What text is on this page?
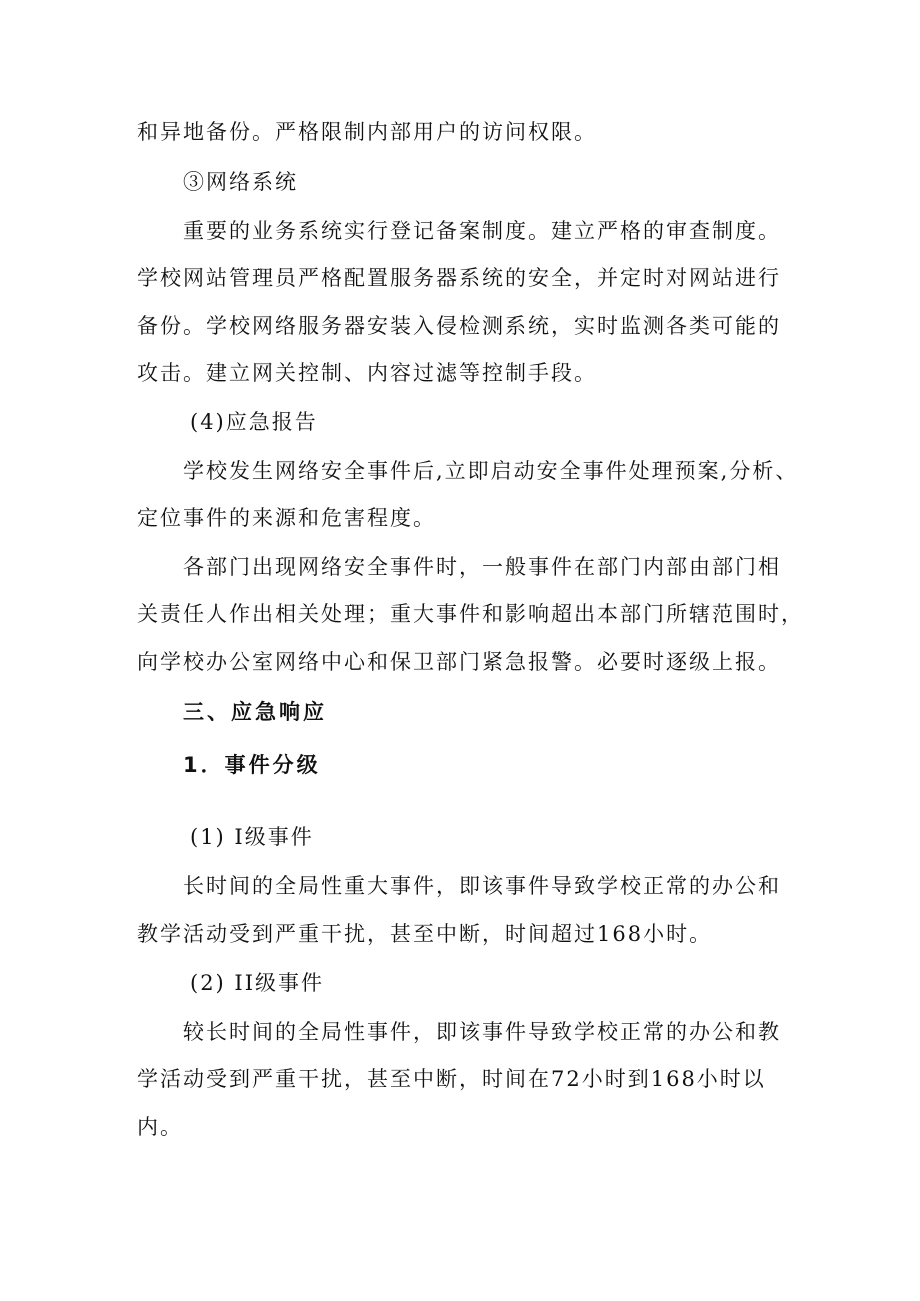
和异地备份。严格限制内部用户的访问权限。
③网络系统
重要的业务系统实行登记备案制度。建立严格的审查制度。
学校网站管理员严格配置服务器系统的安全，并定时对网站进行
备份。学校网络服务器安装入侵检测系统，实时监测各类可能的
攻击。建立网关控制、内容过滤等控制手段。
(4)应急报告
学校发生网络安全事件后,立即启动安全事件处理预案,分析、
定位事件的来源和危害程度。
各部门出现网络安全事件时，一般事件在部门内部由部门相
关责任人作出相关处理；重大事件和影响超出本部门所辖范围时，
向学校办公室网络中心和保卫部门紧急报警。必要时逐级上报。
三、应急响应
1．事件分级
(1) I级事件
长时间的全局性重大事件，即该事件导致学校正常的办公和
教学活动受到严重干扰，甚至中断，时间超过168小时。
(2) II级事件
较长时间的全局性事件，即该事件导致学校正常的办公和教
学活动受到严重干扰，甚至中断，时间在72小时到168小时以
内。
